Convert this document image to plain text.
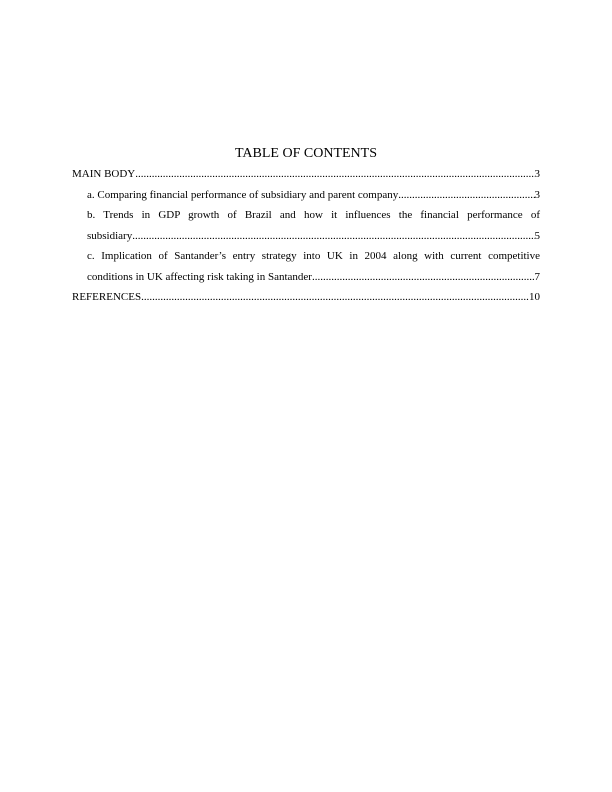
TABLE OF CONTENTS
MAIN BODY .....	3
a. Comparing financial performance of subsidiary and parent company .....	3
b. Trends in GDP growth of Brazil and how it influences the financial performance of
subsidiary .....	5
c. Implication of Santander’s entry strategy into UK in 2004 along with current competitive
conditions in UK affecting risk taking in Santander .....	7
REFERENCES .....	10
